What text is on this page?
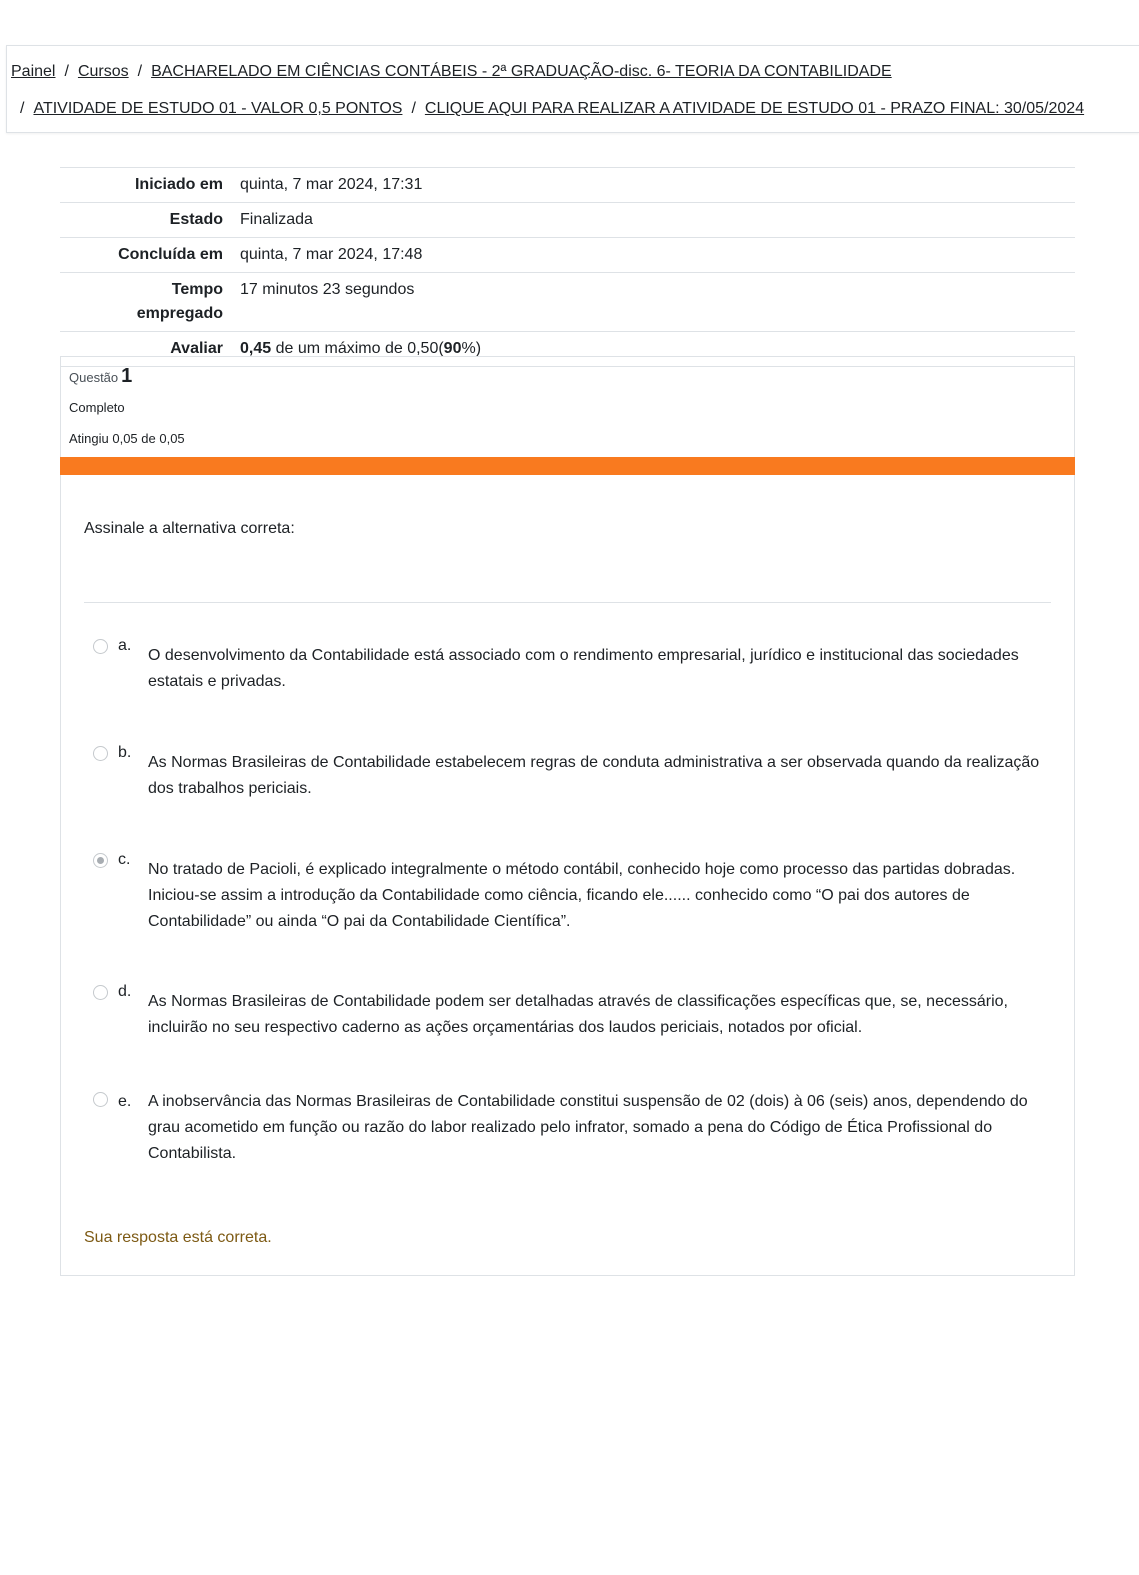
Painel / Cursos / BACHARELADO EM CIÊNCIAS CONTÁBEIS - 2ª GRADUAÇÃO-disc. 6- TEORIA DA CONTABILIDADE
/ ATIVIDADE DE ESTUDO 01 - VALOR 0,5 PONTOS / CLIQUE AQUI PARA REALIZAR A ATIVIDADE DE ESTUDO 01 - PRAZO FINAL: 30/05/2024
Iniciado em	quinta, 7 mar 2024, 17:31
Estado	Finalizada
Concluída em	quinta, 7 mar 2024, 17:48
Tempo
empregado	17 minutos 23 segundos
Avaliar	0,45 de um máximo de 0,50(90%)
Questão 1
Completo
Atingiu 0,05 de 0,05
Assinale a alternativa correta:
a.
O desenvolvimento da Contabilidade está associado com o rendimento empresarial, jurídico e institucional das sociedades estatais e privadas.
b.
As Normas Brasileiras de Contabilidade estabelecem regras de conduta administrativa a ser observada quando da realização dos trabalhos periciais.
c.
No tratado de Pacioli, é explicado integralmente o método contábil, conhecido hoje como processo das partidas dobradas. Iniciou-se assim a introdução da Contabilidade como ciência, ficando ele...... conhecido como “O pai dos autores de Contabilidade” ou ainda “O pai da Contabilidade Científica”.
d.
As Normas Brasileiras de Contabilidade podem ser detalhadas através de classificações específicas que, se, necessário, incluirão no seu respectivo caderno as ações orçamentárias dos laudos periciais, notados por oficial.
e. A inobservância das Normas Brasileiras de Contabilidade constitui suspensão de 02 (dois) à 06 (seis) anos, dependendo do grau acometido em função ou razão do labor realizado pelo infrator, somado a pena do Código de Ética Profissional do Contabilista.
Sua resposta está correta.
